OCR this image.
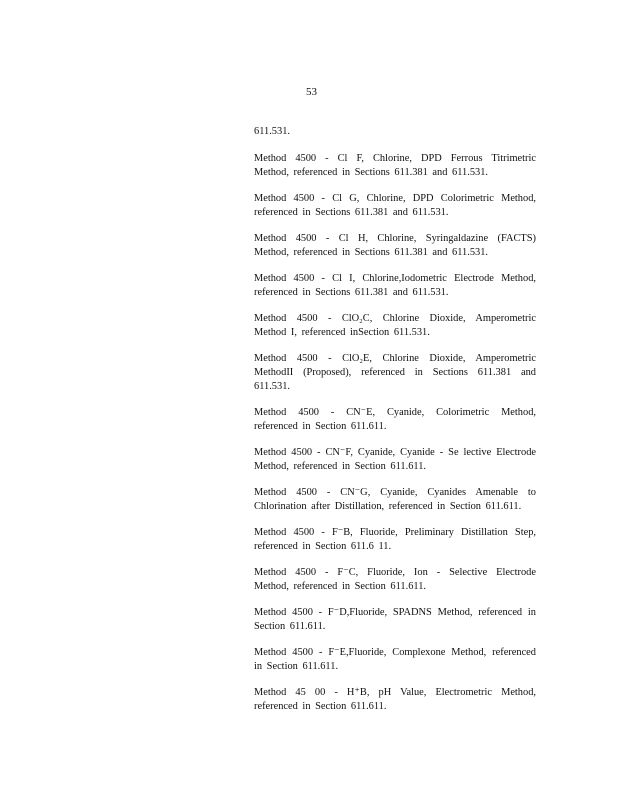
53

611.531.

Method 4500 - Cl F, Chlorine, DPD Ferrous Titrimetric Method, referenced in Sections 611.381 and 611.531.

Method 4500 - Cl G, Chlorine, DPD Colorimetric Method, referenced in Sections 611.381 and 611.531.

Method 4500 - Cl H, Chlorine, Syringaldazine (FACTS) Method, referenced in Sections 611.381 and 611.531.

Method 4500 - Cl I, Chlorine,Iodometric Electrode Method, referenced in Sections 611.381 and 611.531.

Method 4500 - ClO₂C, Chlorine Dioxide, Amperometric Method I, referenced inSection 611.531.

Method 4500 - ClO₂E, Chlorine Dioxide, Amperometric MethodII (Proposed), referenced in Sections 611.381 and 611.531.

Method 4500 - CN⁻E, Cyanide, Colorimetric Method, referenced in Section 611.611.

Method 4500 - CN⁻F, Cyanide, Cyanide - Se lective Electrode Method, referenced in Section 611.611.

Method 4500 - CN⁻G, Cyanide, Cyanides Amenable to Chlorination after Distillation, referenced in Section 611.611.

Method 4500 - F⁻B, Fluoride, Preliminary Distillation Step, referenced in Section 611.6 11.

Method 4500 - F⁻C, Fluoride, Ion - Selective Electrode Method, referenced in Section 611.611.

Method 4500 - F⁻D,Fluoride, SPADNS Method, referenced in Section 611.611.

Method 4500 - F⁻E,Fluoride, Complexone Method, referenced in Section 611.611.

Method 45 00 - H⁺B, pH Value, Electrometric Method, referenced in Section 611.611.
